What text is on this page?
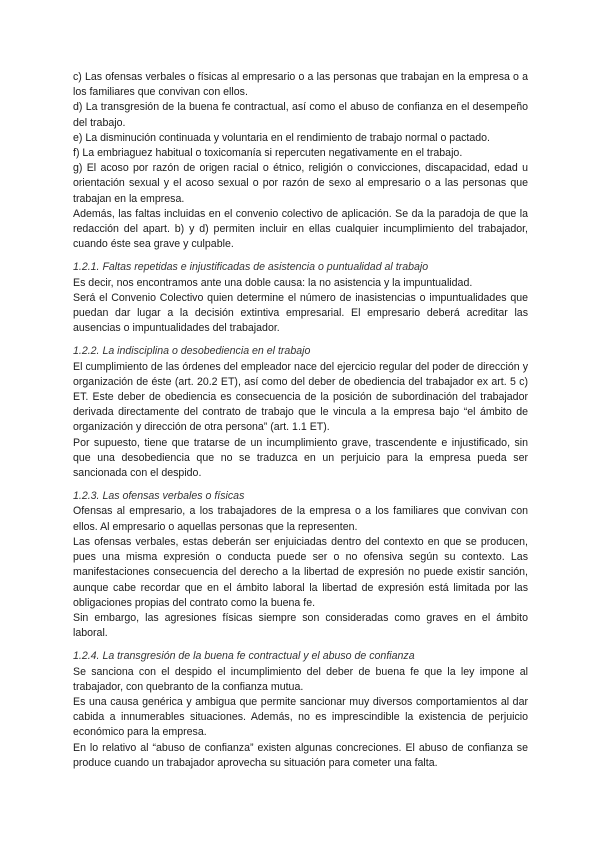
c) Las ofensas verbales o físicas al empresario o a las personas que trabajan en la empresa o a los familiares que convivan con ellos.

d) La transgresión de la buena fe contractual, así como el abuso de confianza en el desempeño del trabajo.

e) La disminución continuada y voluntaria en el rendimiento de trabajo normal o pactado.

f) La embriaguez habitual o toxicomanía si repercuten negativamente en el trabajo.

g) El acoso por razón de origen racial o étnico, religión o convicciones, discapacidad, edad u orientación sexual y el acoso sexual o por razón de sexo al empresario o a las personas que trabajan en la empresa.

Además, las faltas incluidas en el convenio colectivo de aplicación. Se da la paradoja de que la redacción del apart. b) y d) permiten incluir en ellas cualquier incumplimiento del trabajador, cuando éste sea grave y culpable.

1.2.1. Faltas repetidas e injustificadas de asistencia o puntualidad al trabajo

Es decir, nos encontramos ante una doble causa: la no asistencia y la impuntualidad.

Será el Convenio Colectivo quien determine el número de inasistencias o impuntualidades que puedan dar lugar a la decisión extintiva empresarial. El empresario deberá acreditar las ausencias o impuntualidades del trabajador.

1.2.2. La indisciplina o desobediencia en el trabajo

El cumplimiento de las órdenes del empleador nace del ejercicio regular del poder de dirección y organización de éste (art. 20.2 ET), así como del deber de obediencia del trabajador ex art. 5 c) ET. Este deber de obediencia es consecuencia de la posición de subordinación del trabajador derivada directamente del contrato de trabajo que le vincula a la empresa bajo “el ámbito de organización y dirección de otra persona” (art. 1.1 ET).

Por supuesto, tiene que tratarse de un incumplimiento grave, trascendente e injustificado, sin que una desobediencia que no se traduzca en un perjuicio para la empresa pueda ser sancionada con el despido.

1.2.3. Las ofensas verbales o físicas

Ofensas al empresario, a los trabajadores de la empresa o a los familiares que convivan con ellos. Al empresario o aquellas personas que la representen.

Las ofensas verbales, estas deberán ser enjuiciadas dentro del contexto en que se producen, pues una misma expresión o conducta puede ser o no ofensiva según su contexto. Las manifestaciones consecuencia del derecho a la libertad de expresión no puede existir sanción, aunque cabe recordar que en el ámbito laboral la libertad de expresión está limitada por las obligaciones propias del contrato como la buena fe.

Sin embargo, las agresiones físicas siempre son consideradas como graves en el ámbito laboral.

1.2.4. La transgresión de la buena fe contractual y el abuso de confianza

Se sanciona con el despido el incumplimiento del deber de buena fe que la ley impone al trabajador, con quebranto de la confianza mutua.

Es una causa genérica y ambigua que permite sancionar muy diversos comportamientos al dar cabida a innumerables situaciones. Además, no es imprescindible la existencia de perjuicio económico para la empresa.

En lo relativo al “abuso de confianza” existen algunas concreciones. El abuso de confianza se produce cuando un trabajador aprovecha su situación para cometer una falta.
